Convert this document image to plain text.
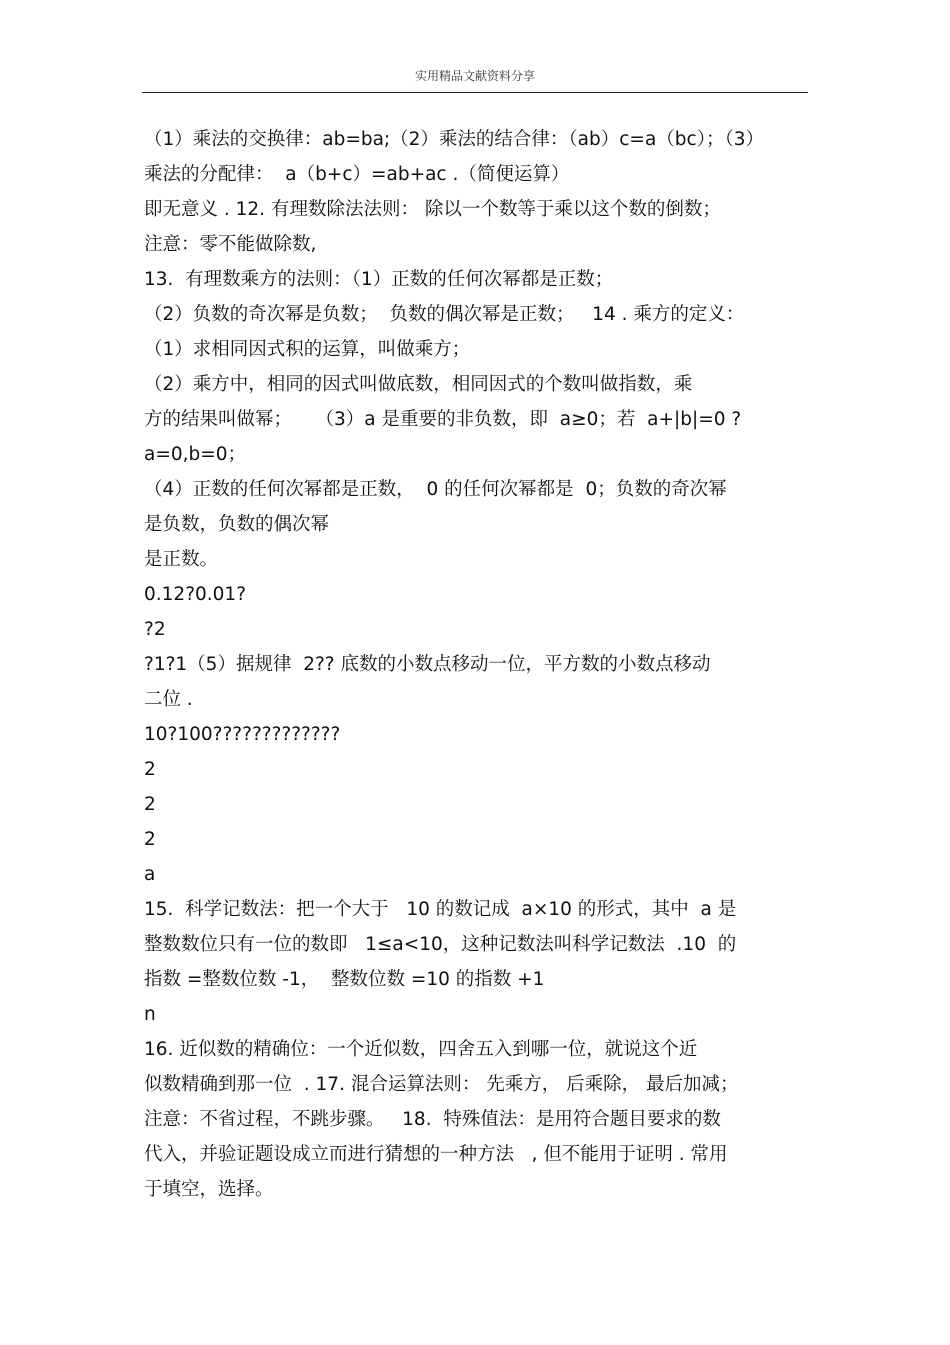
实用精品文献资料分享
（1）乘法的交换律：ab=ba;（2）乘法的结合律：（ab）c=a（bc）；（3）
乘法的分配律：  a（b+c）=ab+ac .（简便运算）
即无意义 . 12. 有理数除法法则： 除以一个数等于乘以这个数的倒数；
注意：零不能做除数,
13.  有理数乘方的法则：（1）正数的任何次幂都是正数；
（2）负数的奇次幂是负数；  负数的偶次幂是正数；   14 . 乘方的定义：
（1）求相同因式积的运算，叫做乘方；
（2）乘方中，相同的因式叫做底数，相同因式的个数叫做指数，乘
方的结果叫做幂；    （3）a 是重要的非负数，即  a≥0；若  a+|b|=0 ?
a=0,b=0；
（4）正数的任何次幂都是正数，  0 的任何次幂都是  0；负数的奇次幂
是负数，负数的偶次幂
是正数。
0.12?0.01?
?2
?1?1（5）据规律  2?? 底数的小数点移动一位，平方数的小数点移动
二位 .
10?100?????????????
2
2
2
a
15.  科学记数法：把一个大于   10 的数记成  a×10 的形式，其中  a 是
整数数位只有一位的数即   1≤a<10，这种记数法叫科学记数法  .10  的
指数 =整数位数 -1，  整数位数 =10 的指数 +1
n
16. 近似数的精确位：一个近似数，四舍五入到哪一位，就说这个近
似数精确到那一位  . 17. 混合运算法则： 先乘方， 后乘除， 最后加减；
注意：不省过程，不跳步骤。   18.  特殊值法：是用符合题目要求的数
代入，并验证题设成立而进行猜想的一种方法   , 但不能用于证明 . 常用
于填空，选择。
